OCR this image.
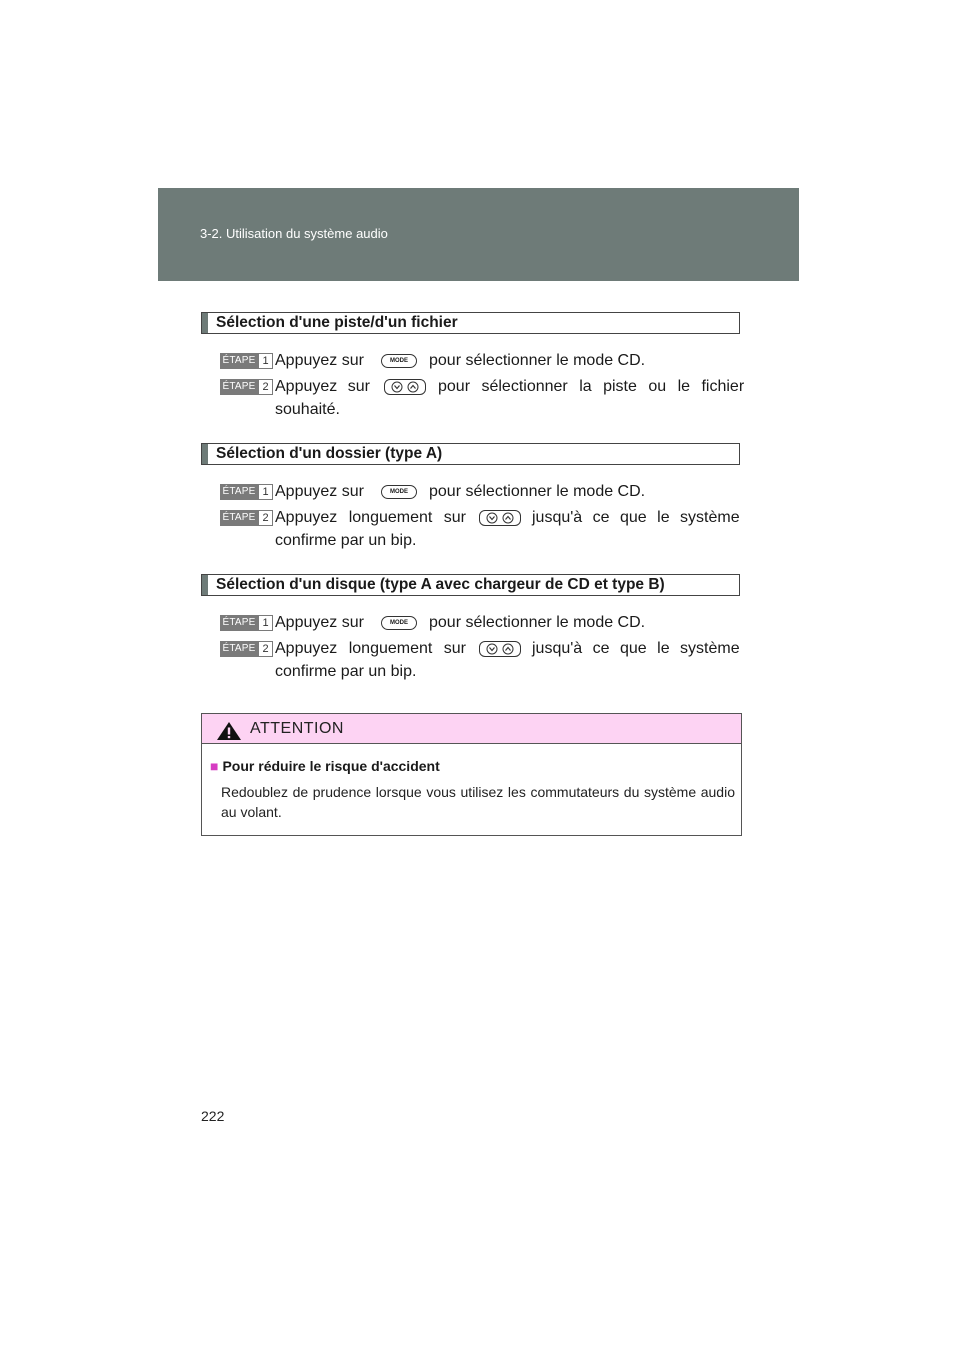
3-2. Utilisation du système audio
Sélection d'une piste/d'un fichier
ÉTAPE 1 Appuyez sur	MODE	pour sélectionner le mode CD.
ÉTAPE 2 Appuyez sur	pour sélectionner la piste ou le fichier
souhaité.
Sélection d'un dossier (type A)
ÉTAPE 1 Appuyez sur	MODE	pour sélectionner le mode CD.
ÉTAPE 2 Appuyez longuement sur	jusqu'à ce que le système
confirme par un bip.
Sélection d'un disque (type A avec chargeur de CD et type B)
ÉTAPE 1 Appuyez sur	MODE	pour sélectionner le mode CD.
ÉTAPE 2 Appuyez longuement sur	jusqu'à ce que le système
confirme par un bip.
ATTENTION
■ Pour réduire le risque d'accident
Redoublez de prudence lorsque vous utilisez les commutateurs du système audio au volant.
222
